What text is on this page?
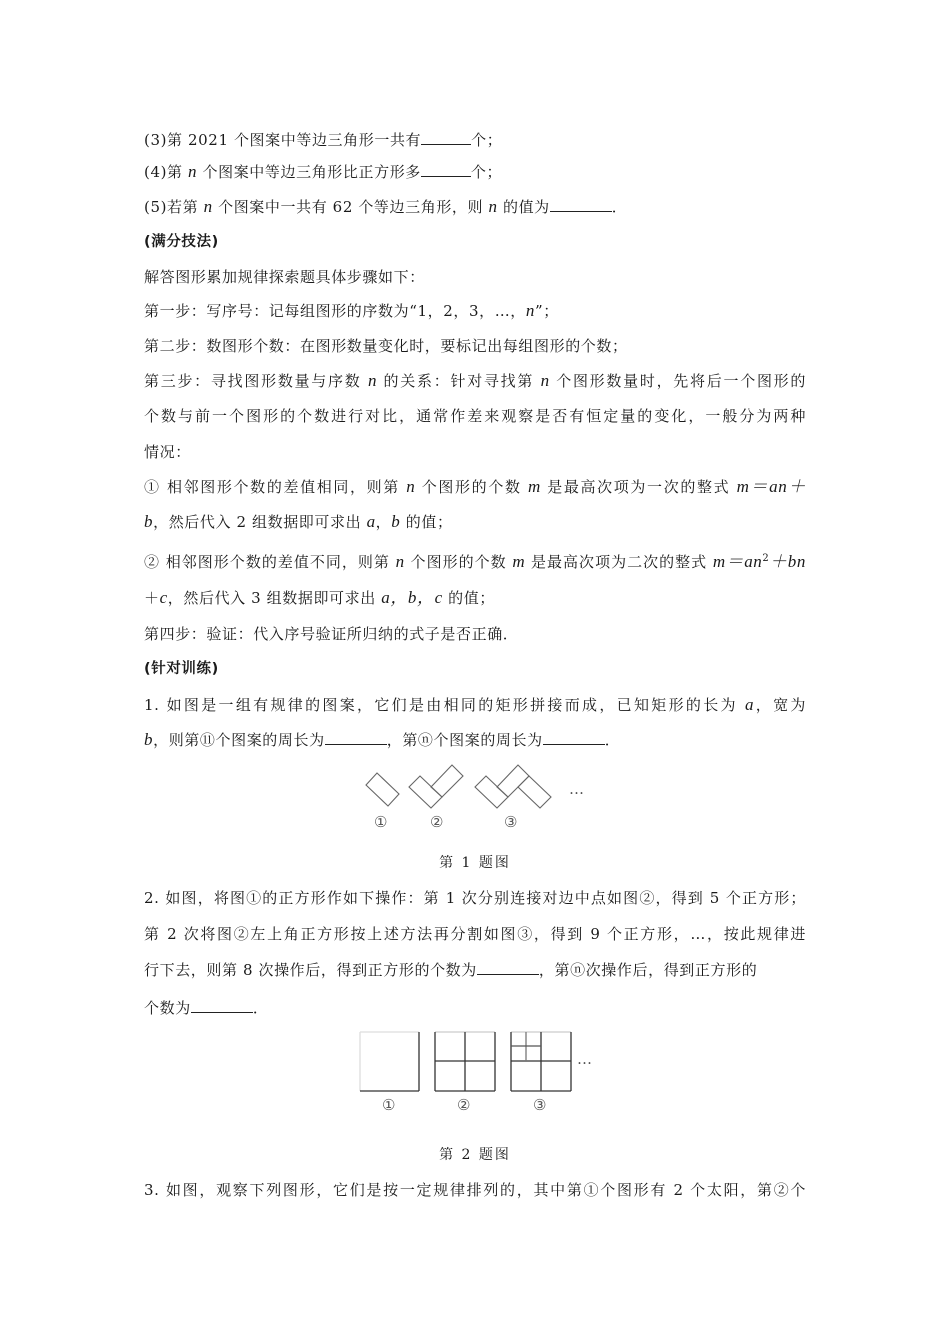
(3)第 2021 个图案中等边三角形一共有	个；
(4)第 n 个图案中等边三角形比正方形多	个；
(5)若第 n 个图案中一共有 62 个等边三角形，则 n 的值为	．
(满分技法)
解答图形累加规律探索题具体步骤如下：
第一步：写序号：记每组图形的序数为“1，2，3，…，n”；
第二步：数图形个数：在图形数量变化时，要标记出每组图形的个数；
第三步：寻找图形数量与序数 n 的关系：针对寻找第 n 个图形数量时，先将后一个图形的
个数与前一个图形的个数进行对比，通常作差来观察是否有恒定量的变化，一般分为两种
情况：
① 相邻图形个数的差值相同，则第 n 个图形的个数 m 是最高次项为一次的整式 m＝an＋
b，然后代入 2 组数据即可求出 a，b 的值；
② 相邻图形个数的差值不同，则第 n 个图形的个数 m 是最高次项为二次的整式 $m=an^2+bn$
＋c，然后代入 3 组数据即可求出 a，b，c 的值；
第四步：验证：代入序号验证所归纳的式子是否正确．
(针对训练)
1. 如图是一组有规律的图案，它们是由相同的矩形拼接而成，已知矩形的长为 a，宽为
b，则第⑪个图案的周长为	，第ⓝ个图案的周长为	．
①	②	③
…
第 1 题图
2. 如图，将图①的正方形作如下操作：第 1 次分别连接对边中点如图②，得到 5 个正方形；
第 2 次将图②左上角正方形按上述方法再分割如图③，得到 9 个正方形，…，按此规律进
行下去，则第 8 次操作后，得到正方形的个数为	，第ⓝ次操作后，得到正方形的
个数为	．
①	②	③
…
第 2 题图
3. 如图，观察下列图形，它们是按一定规律排列的，其中第①个图形有 2 个太阳，第②个
